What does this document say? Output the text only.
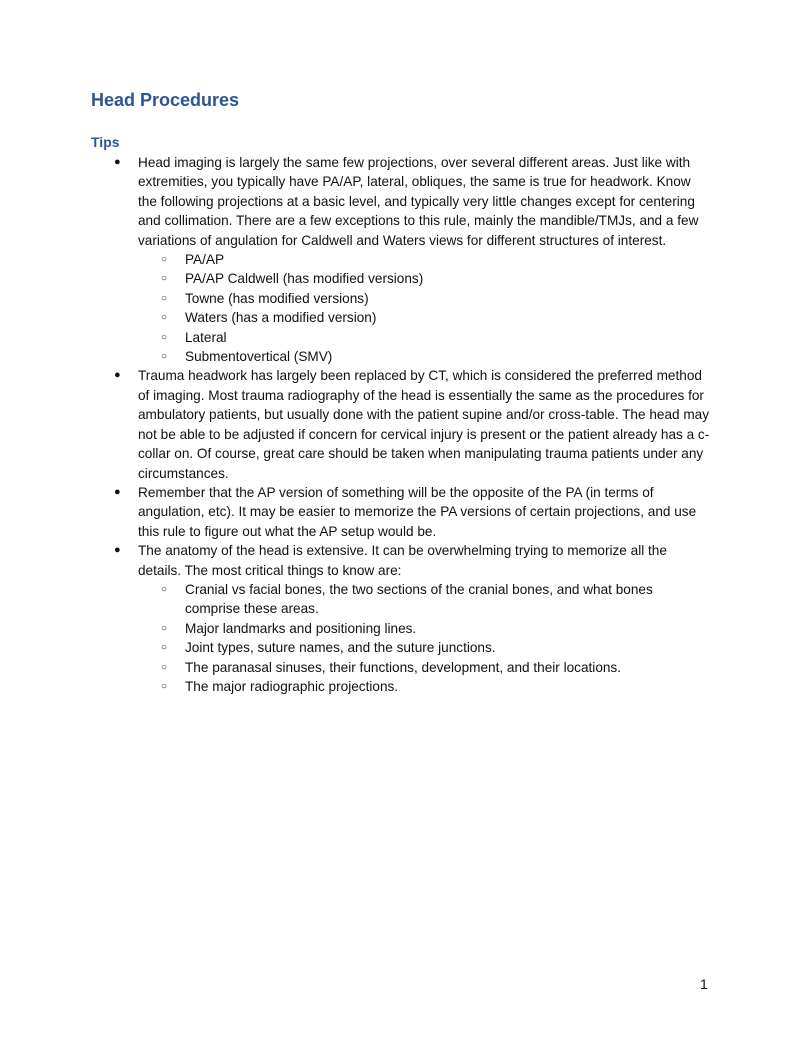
Head Procedures
Tips
● Head imaging is largely the same few projections, over several different areas. Just like with extremities, you typically have PA/AP, lateral, obliques, the same is true for headwork. Know the following projections at a basic level, and typically very little changes except for centering and collimation. There are a few exceptions to this rule, mainly the mandible/TMJs, and a few variations of angulation for Caldwell and Waters views for different structures of interest.
○ PA/AP
○ PA/AP Caldwell (has modified versions)
○ Towne (has modified versions)
○ Waters (has a modified version)
○ Lateral
○ Submentovertical (SMV)
● Trauma headwork has largely been replaced by CT, which is considered the preferred method of imaging. Most trauma radiography of the head is essentially the same as the procedures for ambulatory patients, but usually done with the patient supine and/or cross-table. The head may not be able to be adjusted if concern for cervical injury is present or the patient already has a c-collar on. Of course, great care should be taken when manipulating trauma patients under any circumstances.
● Remember that the AP version of something will be the opposite of the PA (in terms of angulation, etc). It may be easier to memorize the PA versions of certain projections, and use this rule to figure out what the AP setup would be.
● The anatomy of the head is extensive. It can be overwhelming trying to memorize all the details. The most critical things to know are:
○ Cranial vs facial bones, the two sections of the cranial bones, and what bones comprise these areas.
○ Major landmarks and positioning lines.
○ Joint types, suture names, and the suture junctions.
○ The paranasal sinuses, their functions, development, and their locations.
○ The major radiographic projections.
1
